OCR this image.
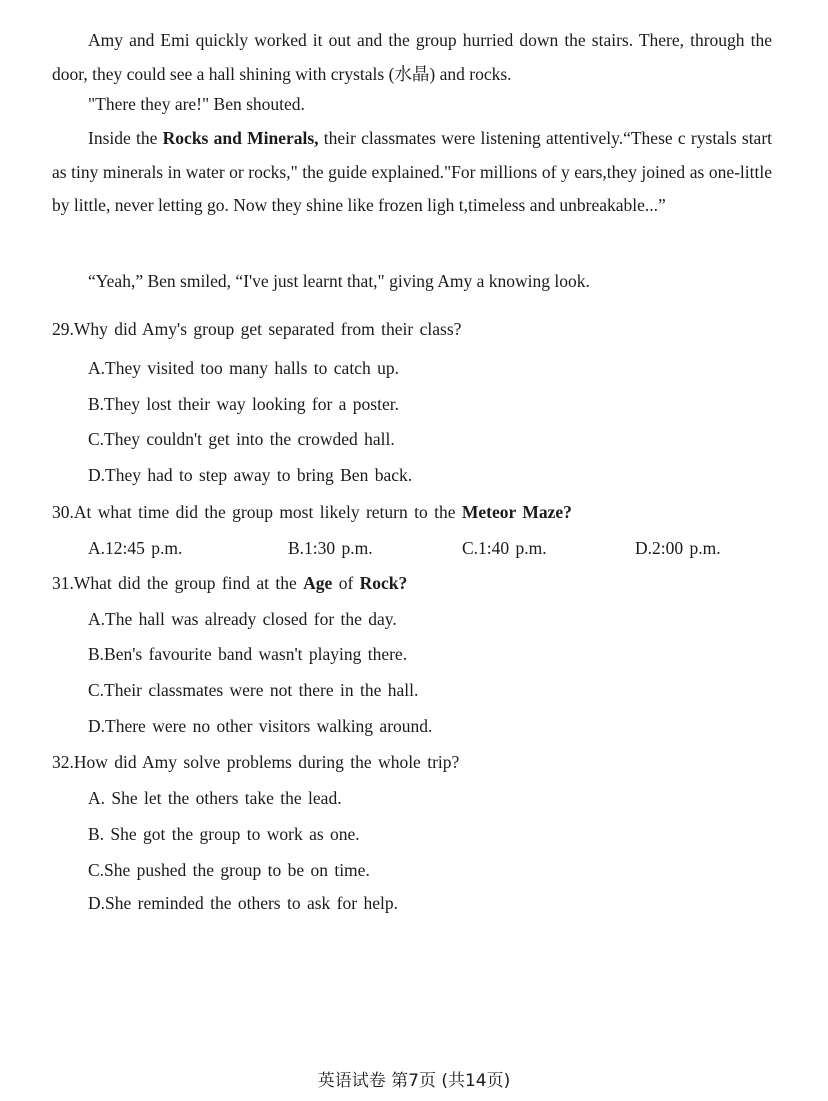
Amy and Emi quickly worked it out and the group hurried down the stairs. There, through the door, they could see a hall shining with crystals (水晶) and rocks.

"There they are!" Ben shouted.

Inside the Rocks and Minerals, their classmates were listening attentively.“These c rystals start as tiny minerals in water or rocks," the guide explained."For millions of y ears,they joined as one-little by little, never letting go. Now they shine like frozen ligh t,timeless and unbreakable...”

“Yeah,” Ben smiled, “I've just learnt that," giving Amy a knowing look.

29.Why did Amy's group get separated from their class?

A.They visited too many halls to catch up.

B.They lost their way looking for a poster.

C.They couldn't get into the crowded hall.

D.They had to step away to bring Ben back.

30.At what time did the group most likely return to the Meteor Maze?

A.12:45 p.m.	B.1:30 p.m.	C.1:40 p.m.	D.2:00 p.m.

31.What did the group find at the Age of Rock?

A.The hall was already closed for the day.

B.Ben's favourite band wasn't playing there.

C.Their classmates were not there in the hall.

D.There were no other visitors walking around.

32.How did Amy solve problems during the whole trip?

A. She let the others take the lead.

B. She got the group to work as one.

C.She pushed the group to be on time.

D.She reminded the others to ask for help.

英语试卷 第7页 (共14页)
